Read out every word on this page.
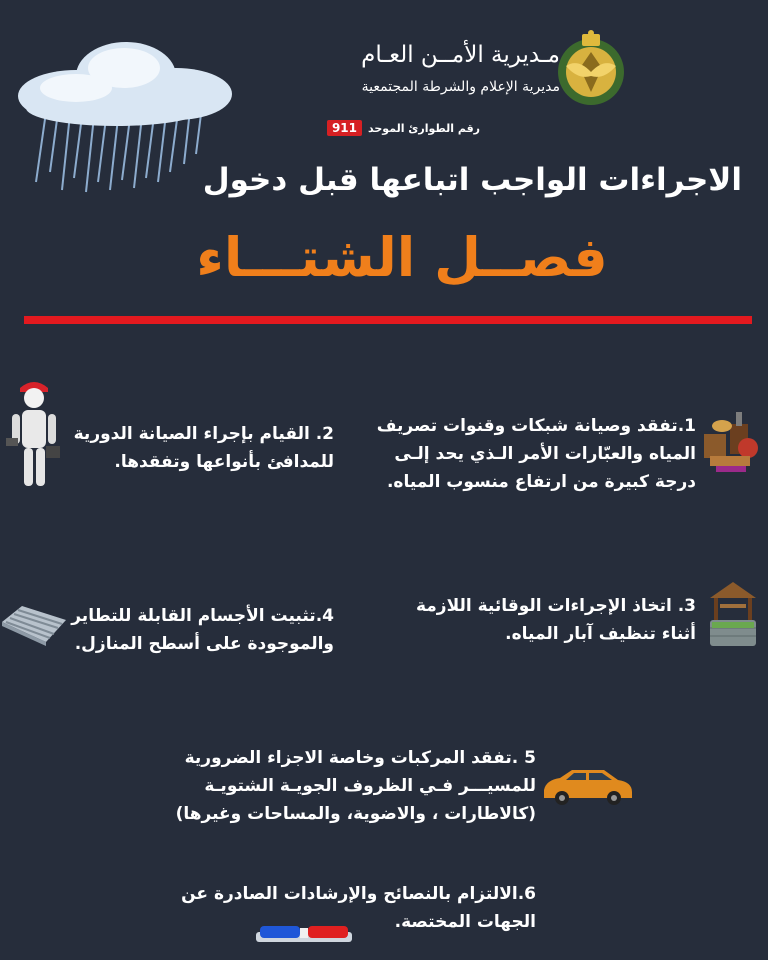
مـديرية الأمــن العـام
مديرية الإعلام والشرطة المجتمعية
رقم الطوارئ الموحد
911
الاجراءات الواجب اتباعها قبل دخول
فصــل الشتـــاء
1.تفقد وصيانة شبكات وقنوات تصريف
المياه والعبّارات الأمر الـذي يحد إلـى
درجة كبيرة من ارتفاع منسوب المياه.
2. القيام بإجراء الصيانة الدورية
للمدافئ بأنواعها وتفقدها.
3. اتخاذ الإجراءات الوقائية اللازمة
أثناء تنظيف آبار المياه.
4.تثبيت الأجسام القابلة للتطاير
والموجودة على أسطح المنازل.
5 .تفقد المركبات وخاصة الاجزاء الضرورية
للمسيـــر فـي الظروف الجويـة الشتويـة
(كالاطارات ، والاضوية، والمساحات وغيرها)
6.الالتزام بالنصائح والإرشادات الصادرة عن
الجهات المختصة.
